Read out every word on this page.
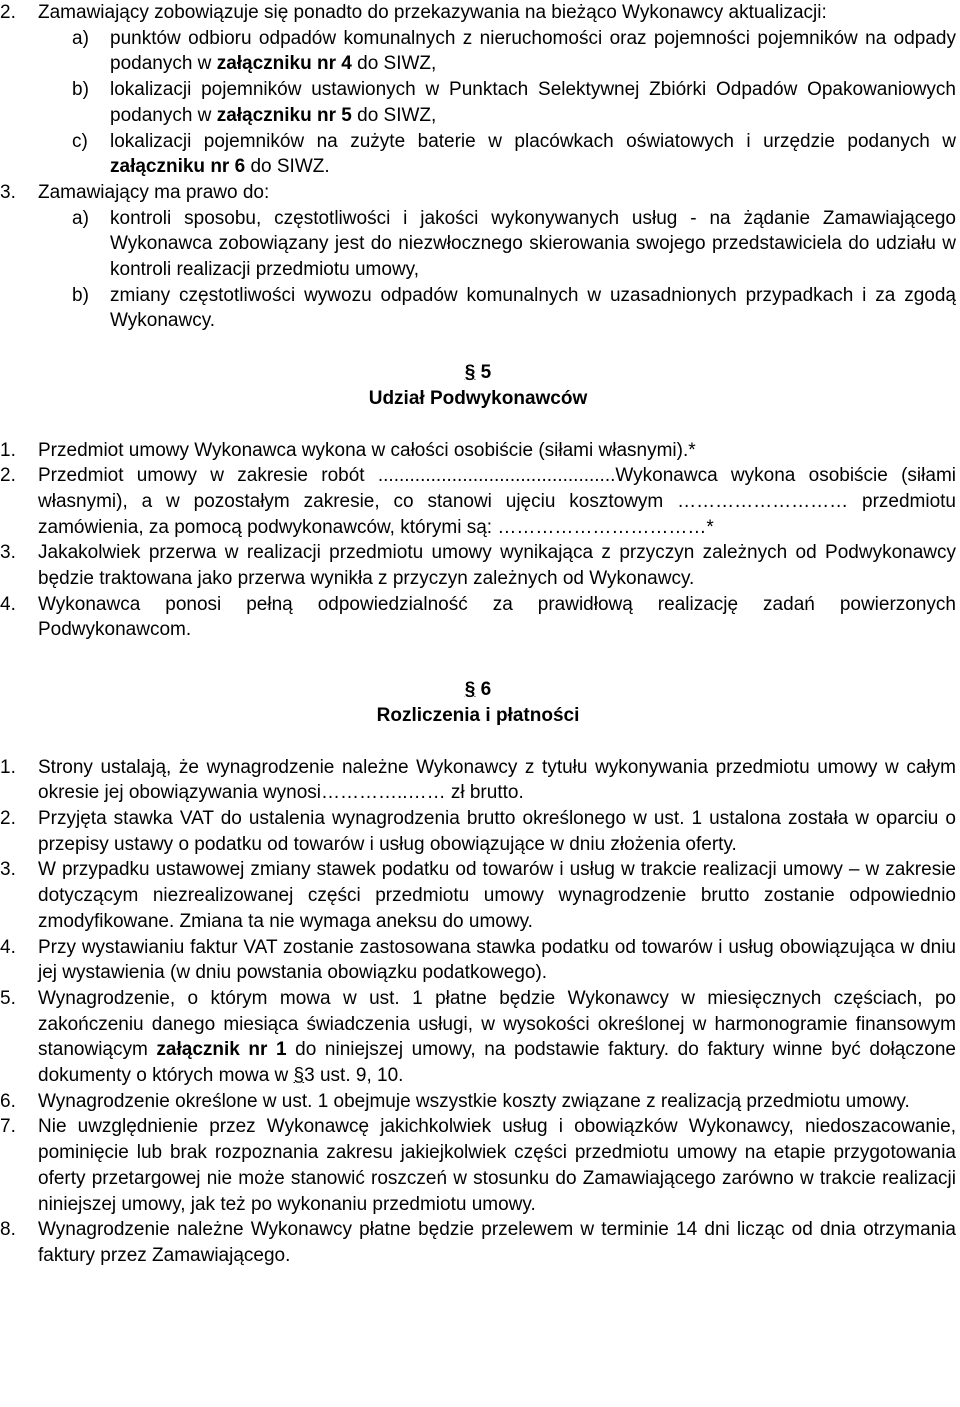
2. Zamawiający zobowiązuje się ponadto do przekazywania na bieżąco Wykonawcy aktualizacji:
a) punktów odbioru odpadów komunalnych z nieruchomości oraz pojemności pojemników na odpady podanych w załączniku nr 4 do SIWZ,
b) lokalizacji pojemników ustawionych w Punktach Selektywnej Zbiórki Odpadów Opakowaniowych podanych w załączniku nr 5 do SIWZ,
c) lokalizacji pojemników na zużyte baterie w placówkach oświatowych i urzędzie podanych w załączniku nr 6 do SIWZ.
3. Zamawiający ma prawo do:
a) kontroli sposobu, częstotliwości i jakości wykonywanych usług - na żądanie Zamawiającego Wykonawca zobowiązany jest do niezwłocznego skierowania swojego przedstawiciela do udziału w kontroli realizacji przedmiotu umowy,
b) zmiany częstotliwości wywozu odpadów komunalnych w uzasadnionych przypadkach i za zgodą Wykonawcy.
§ 5
Udział Podwykonawców
1. Przedmiot umowy Wykonawca wykona w całości osobiście (siłami własnymi).*
2. Przedmiot umowy w zakresie robót .............................................Wykonawca wykona osobiście (siłami własnymi), a w pozostałym zakresie, co stanowi ujęciu kosztowym ……………………… przedmiotu zamówienia, za pomocą podwykonawców, którymi są: ……………………………*
3. Jakakolwiek przerwa w realizacji przedmiotu umowy wynikająca z przyczyn zależnych od Podwykonawcy będzie traktowana jako przerwa wynikła z przyczyn zależnych od Wykonawcy.
4. Wykonawca ponosi pełną odpowiedzialność za prawidłową realizację zadań powierzonych Podwykonawcom.
§ 6
Rozliczenia i płatności
1. Strony ustalają, że wynagrodzenie należne Wykonawcy z tytułu wykonywania przedmiotu umowy w całym okresie jej obowiązywania wynosi…………..…… zł brutto.
2. Przyjęta stawka VAT do ustalenia wynagrodzenia brutto określonego w ust. 1 ustalona została w oparciu o przepisy ustawy o podatku od towarów i usług obowiązujące w dniu złożenia oferty.
3. W przypadku ustawowej zmiany stawek podatku od towarów i usług w trakcie realizacji umowy – w zakresie dotyczącym niezrealizowanej części przedmiotu umowy wynagrodzenie brutto zostanie odpowiednio zmodyfikowane. Zmiana ta nie wymaga aneksu do umowy.
4. Przy wystawianiu faktur VAT zostanie zastosowana stawka podatku od towarów i usług obowiązująca w dniu jej wystawienia (w dniu powstania obowiązku podatkowego).
5. Wynagrodzenie, o którym mowa w ust. 1 płatne będzie Wykonawcy w miesięcznych częściach, po zakończeniu danego miesiąca świadczenia usługi, w wysokości określonej w harmonogramie finansowym stanowiącym załącznik nr 1 do niniejszej umowy, na podstawie faktury. do faktury winne być dołączone dokumenty o których mowa w §3 ust. 9, 10.
6. Wynagrodzenie określone w ust. 1 obejmuje wszystkie koszty związane z realizacją przedmiotu umowy.
7. Nie uwzględnienie przez Wykonawcę jakichkolwiek usług i obowiązków Wykonawcy, niedoszacowanie, pominięcie lub brak rozpoznania zakresu jakiejkolwiek części przedmiotu umowy na etapie przygotowania oferty przetargowej nie może stanowić roszczeń w stosunku do Zamawiającego zarówno w trakcie realizacji niniejszej umowy, jak też po wykonaniu przedmiotu umowy.
8. Wynagrodzenie należne Wykonawcy płatne będzie przelewem w terminie 14 dni licząc od dnia otrzymania faktury przez Zamawiającego.
